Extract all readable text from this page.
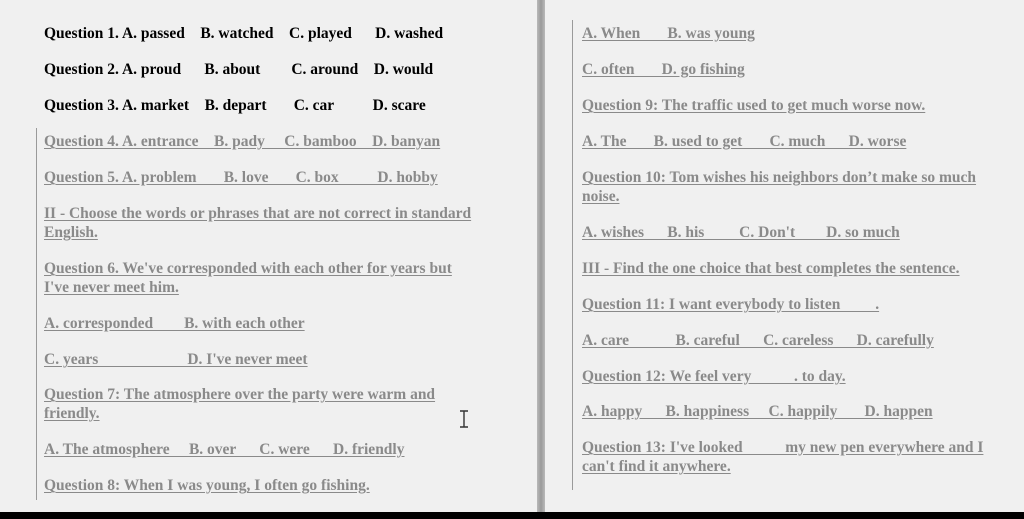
Question 1. A. passed    B. watched    C. played      D. washed

Question 2. A. proud      B. about        C. around    D. would

Question 3. A. market    B. depart       C. car          D. scare

Question 4. A. entrance    B. pady     C. bamboo    D. banyan

Question 5. A. problem       B. love       C. box          D. hobby

II - Choose the words or phrases that are not correct in standard

English.

Question 6. We've corresponded with each other for years but

I've never meet him.

A. corresponded        B. with each other

C. years                       D. I've never meet

Question 7: The atmosphere over the party were warm and

friendly.

A. The atmosphere     B. over      C. were      D. friendly

Question 8: When I was young, I often go fishing.

A. When       B. was young

C. often       D. go fishing

Question 9: The traffic used to get much worse now.

A. The       B. used to get       C. much      D. worse

Question 10: Tom wishes his neighbors don’t make so much

noise.

A. wishes      B. his         C. Don't        D. so much

III - Find the one choice that best completes the sentence.

Question 11: I want everybody to listen         .

A. care            B. careful      C. careless      D. carefully

Question 12: We feel very           . to day.

A. happy      B. happiness     C. happily       D. happen

Question 13: I've looked           my new pen everywhere and I

can't find it anywhere.
